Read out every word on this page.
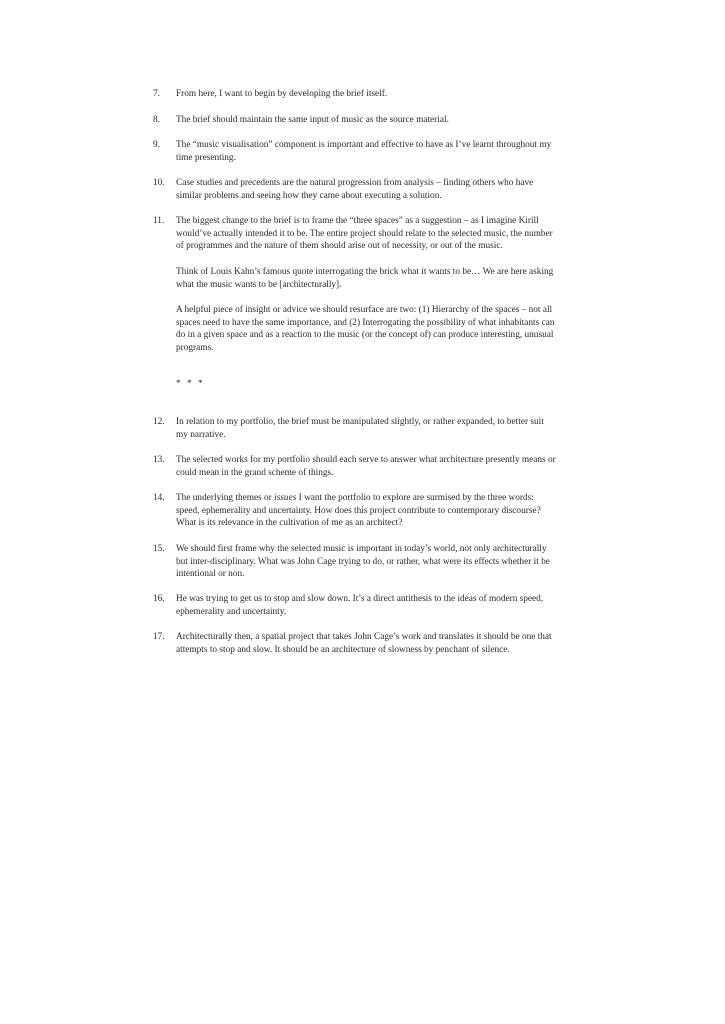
7. From here, I want to begin by developing the brief itself.
8. The brief should maintain the same input of music as the source material.
9. The “music visualisation” component is important and effective to have as I’ve learnt throughout my time presenting.
10. Case studies and precedents are the natural progression from analysis – finding others who have similar problems and seeing how they came about executing a solution.
11. The biggest change to the brief is to frame the “three spaces” as a suggestion – as I imagine Kirill would’ve actually intended it to be. The entire project should relate to the selected music, the number of programmes and the nature of them should arise out of necessity, or out of the music.
Think of Louis Kahn’s famous quote interrogating the brick what it wants to be… We are here asking what the music wants to be [architecturally].
A helpful piece of insight or advice we should resurface are two: (1) Hierarchy of the spaces – not all spaces need to have the same importance, and (2) Interrogating the possibility of what inhabitants can do in a given space and as a reaction to the music (or the concept of) can produce interesting, unusual programs.
* * *
12. In relation to my portfolio, the brief must be manipulated slightly, or rather expanded, to better suit my narrative.
13. The selected works for my portfolio should each serve to answer what architecture presently means or could mean in the grand scheme of things.
14. The underlying themes or issues I want the portfolio to explore are surmised by the three words: speed, ephemerality and uncertainty. How does this project contribute to contemporary discourse? What is its relevance in the cultivation of me as an architect?
15. We should first frame why the selected music is important in today’s world, not only architecturally but inter-disciplinary. What was John Cage trying to do, or rather, what were its effects whether it be intentional or non.
16. He was trying to get us to stop and slow down. It’s a direct antithesis to the ideas of modern speed, ephemerality and uncertainty.
17. Architecturally then, a spatial project that takes John Cage’s work and translates it should be one that attempts to stop and slow. It should be an architecture of slowness by penchant of silence.
